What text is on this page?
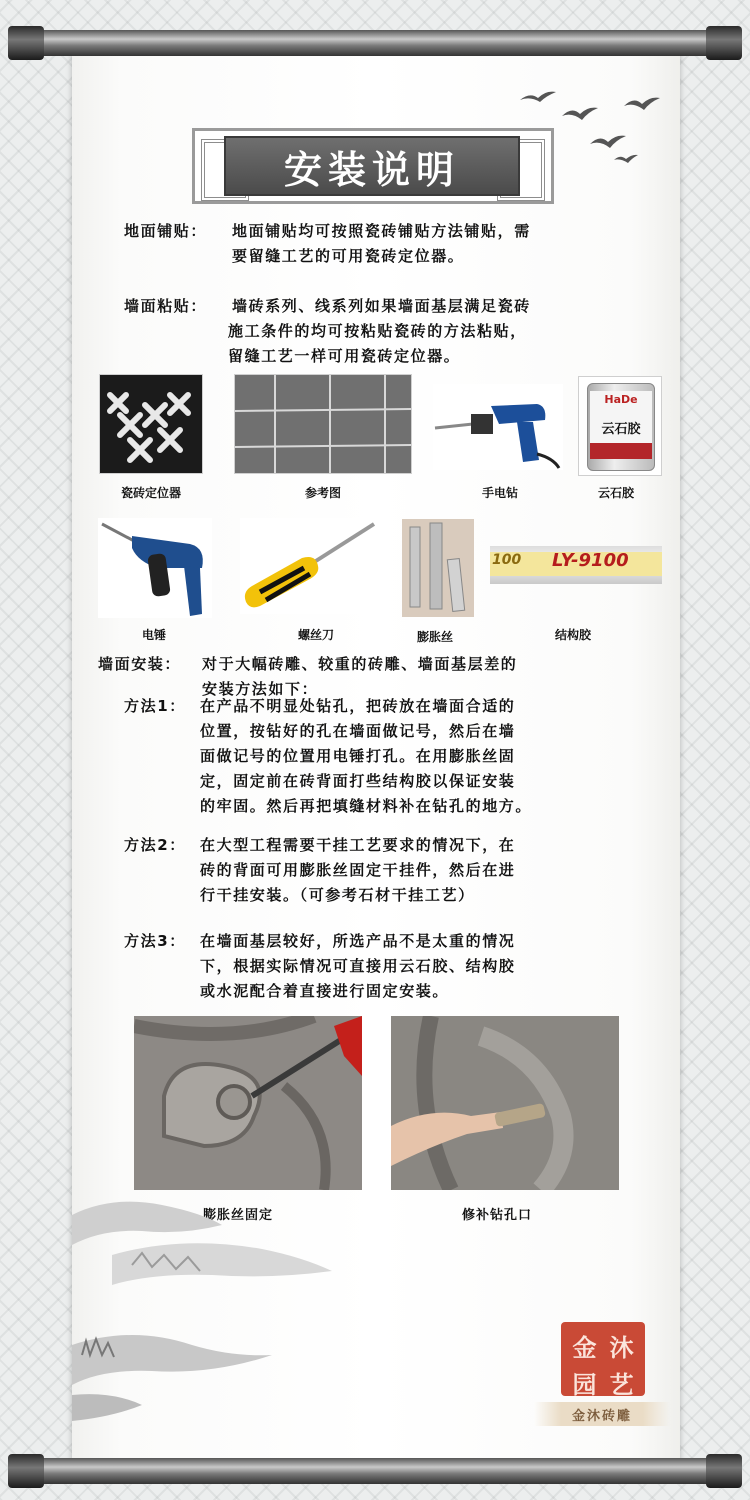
安装说明
地面铺贴： 地面铺贴均可按照瓷砖铺贴方法铺贴，需
要留缝工艺的可用瓷砖定位器。
墙面粘贴： 墙砖系列、线系列如果墙面基层满足瓷砖
施工条件的均可按粘贴瓷砖的方法粘贴，
留缝工艺一样可用瓷砖定位器。
HaDe
云石胶
瓷砖定位器	参考图	手电钻	云石胶
100 LY-9100
电锤	螺丝刀	膨胀丝	结构胶
墙面安装： 对于大幅砖雕、较重的砖雕、墙面基层差的
安装方法如下：
方法1： 在产品不明显处钻孔，把砖放在墙面合适的
位置，按钻好的孔在墙面做记号，然后在墙
面做记号的位置用电锤打孔。在用膨胀丝固
定，固定前在砖背面打些结构胶以保证安装
的牢固。然后再把填缝材料补在钻孔的地方。
方法2： 在大型工程需要干挂工艺要求的情况下，在
砖的背面可用膨胀丝固定干挂件，然后在进
行干挂安装。（可参考石材干挂工艺）
方法3： 在墙面基层较好，所选产品不是太重的情况
下，根据实际情况可直接用云石胶、结构胶
或水泥配合着直接进行固定安装。
膨胀丝固定	修补钻孔口
金 沐
园 艺
金沐砖雕
